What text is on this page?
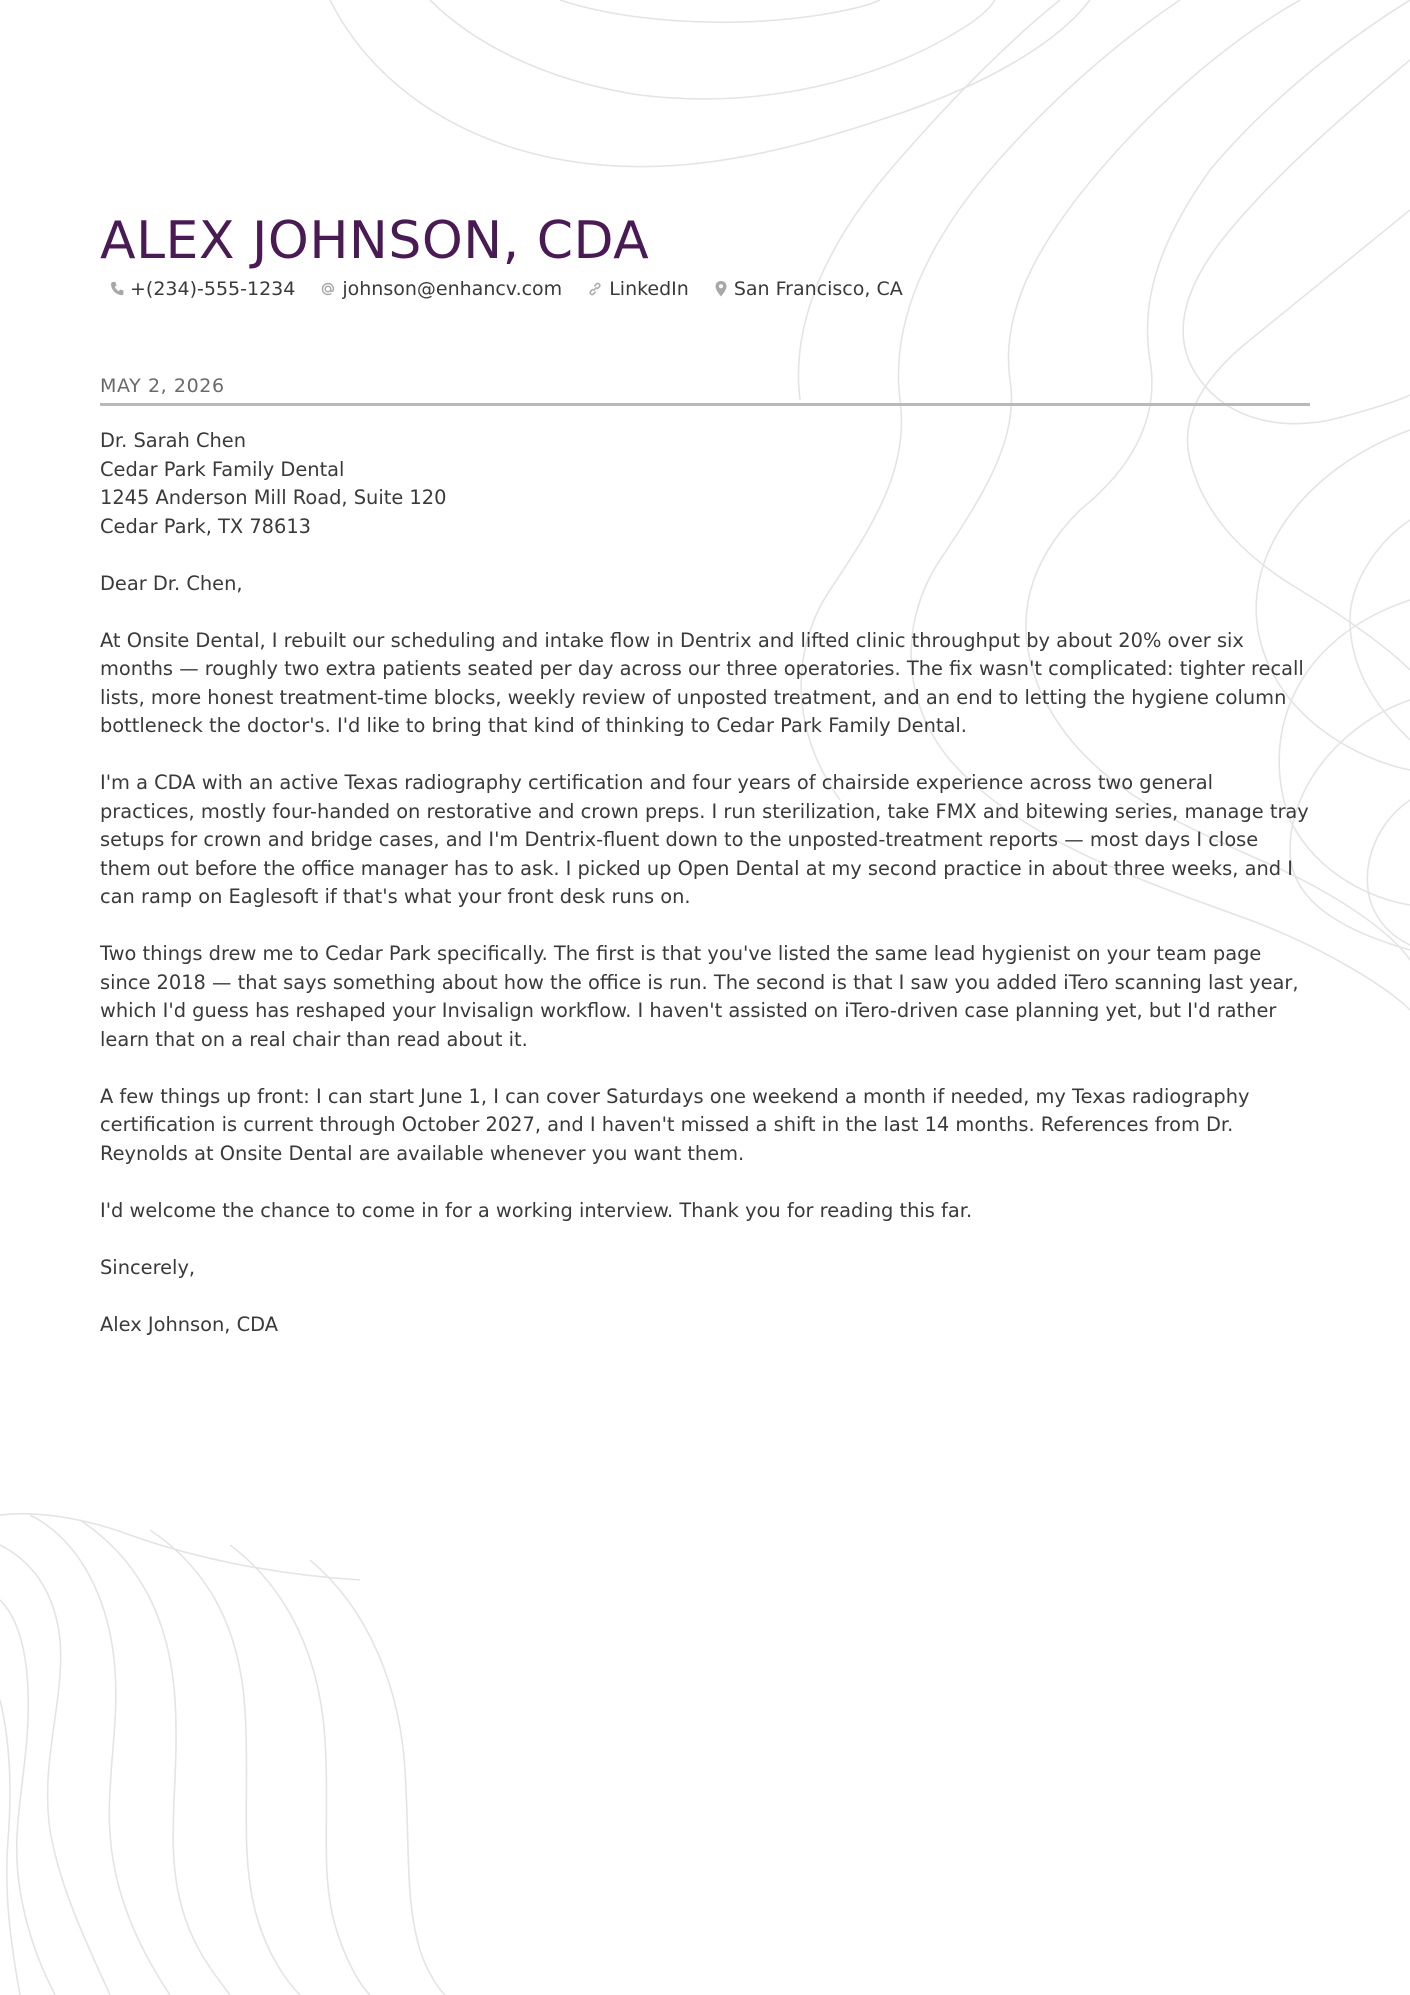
ALEX JOHNSON, CDA
+(234)-555-1234 johnson@enhancv.com LinkedIn San Francisco, CA
MAY 2, 2026
Dr. Sarah Chen
Cedar Park Family Dental
1245 Anderson Mill Road, Suite 120
Cedar Park, TX 78613

Dear Dr. Chen,

At Onsite Dental, I rebuilt our scheduling and intake flow in Dentrix and lifted clinic throughput by about 20% over six months — roughly two extra patients seated per day across our three operatories. The fix wasn't complicated: tighter recall lists, more honest treatment-time blocks, weekly review of unposted treatment, and an end to letting the hygiene column bottleneck the doctor's. I'd like to bring that kind of thinking to Cedar Park Family Dental.

I'm a CDA with an active Texas radiography certification and four years of chairside experience across two general practices, mostly four-handed on restorative and crown preps. I run sterilization, take FMX and bitewing series, manage tray setups for crown and bridge cases, and I'm Dentrix-fluent down to the unposted-treatment reports — most days I close them out before the office manager has to ask. I picked up Open Dental at my second practice in about three weeks, and I can ramp on Eaglesoft if that's what your front desk runs on.

Two things drew me to Cedar Park specifically. The first is that you've listed the same lead hygienist on your team page since 2018 — that says something about how the office is run. The second is that I saw you added iTero scanning last year, which I'd guess has reshaped your Invisalign workflow. I haven't assisted on iTero-driven case planning yet, but I'd rather learn that on a real chair than read about it.

A few things up front: I can start June 1, I can cover Saturdays one weekend a month if needed, my Texas radiography certification is current through October 2027, and I haven't missed a shift in the last 14 months. References from Dr. Reynolds at Onsite Dental are available whenever you want them.

I'd welcome the chance to come in for a working interview. Thank you for reading this far.

Sincerely,

Alex Johnson, CDA
